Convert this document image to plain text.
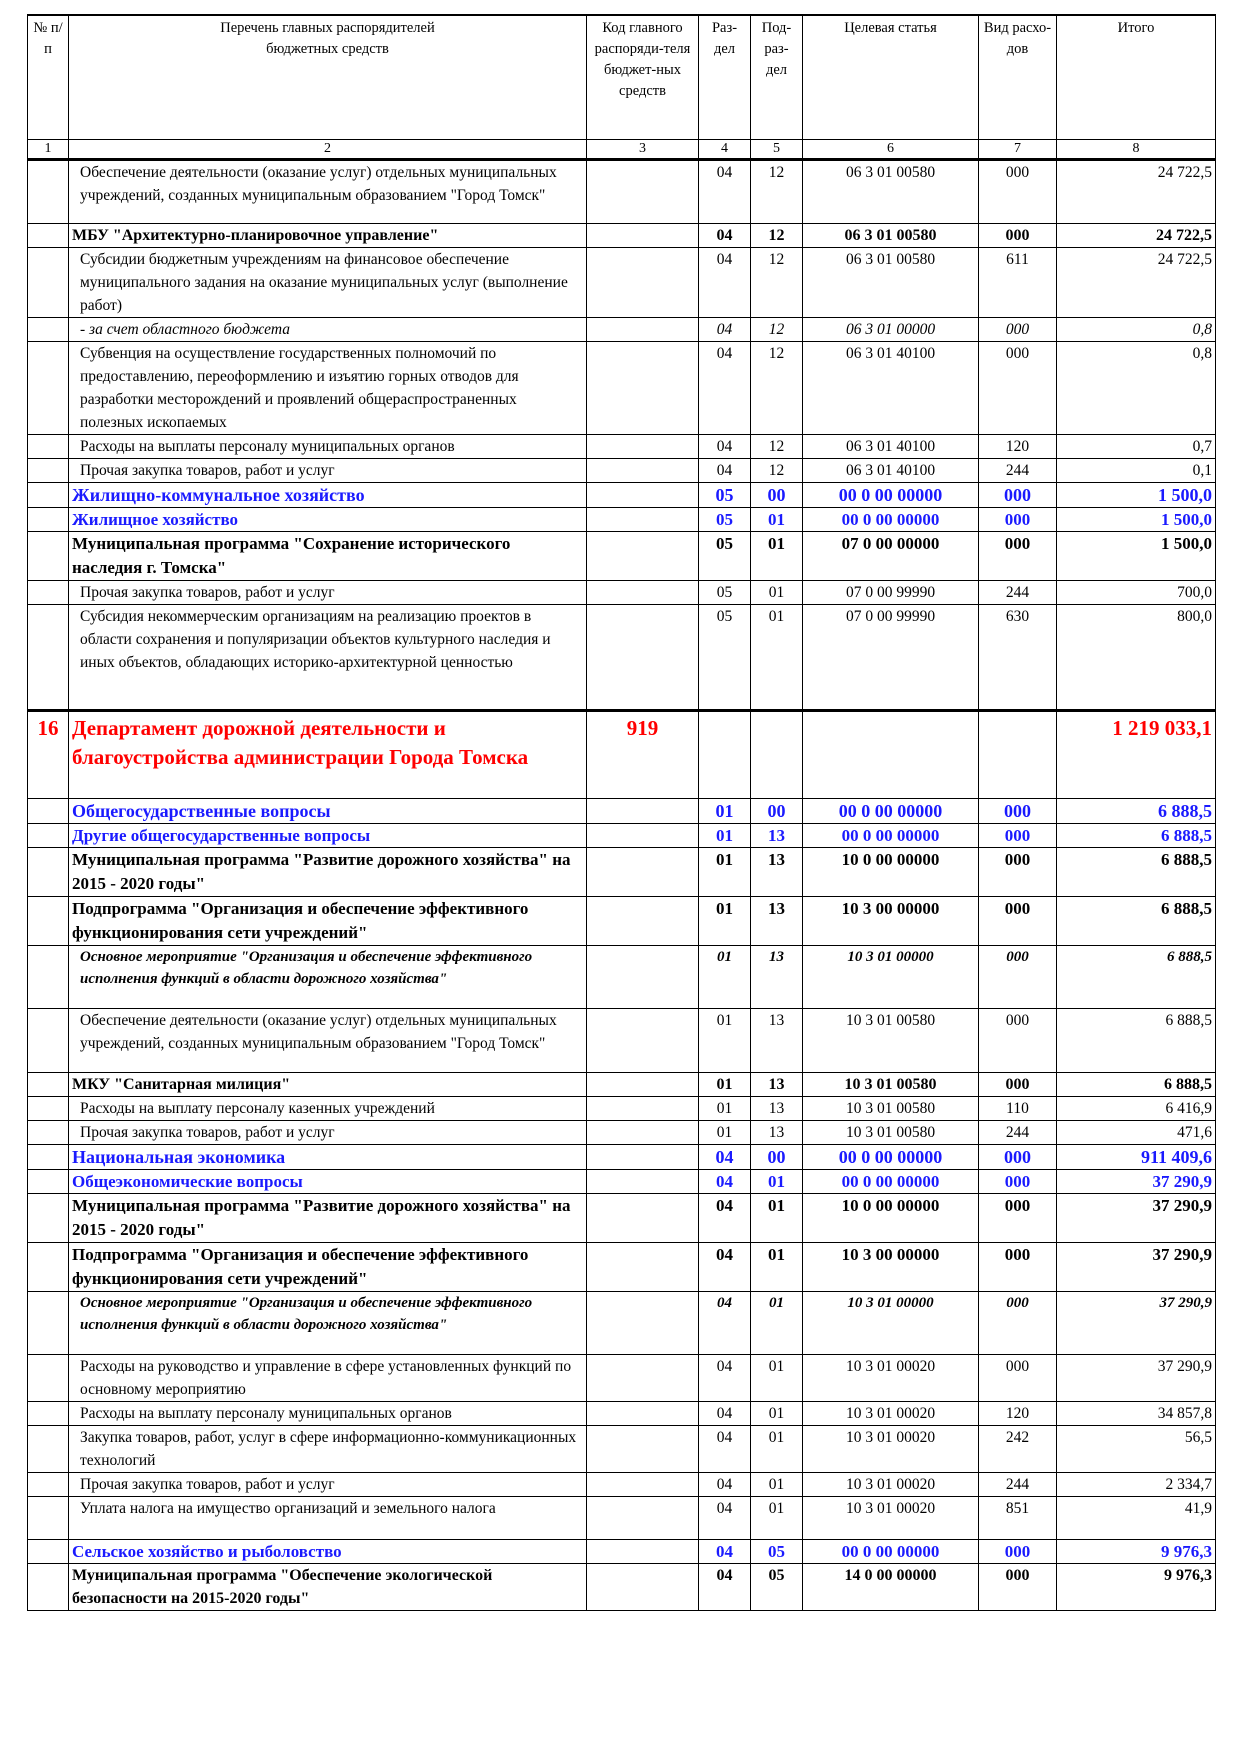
№ п/п	Перечень главных распорядителей бюджетных средств	Код главного распоряди-теля бюджет-ных средств	Раз-дел	Под-раз-дел	Целевая статья	Вид расхо-дов	Итого
1	2	3	4	5	6	7	8

	Обеспечение деятельности (оказание услуг) отдельных муниципальных учреждений, созданных муниципальным образованием "Город Томск"		04	12	06 3 01 00580	000	24 722,5

	МБУ "Архитектурно-планировочное управление"		04	12	06 3 01 00580	000	24 722,5

	Субсидии бюджетным учреждениям на финансовое обеспечение муниципального задания на оказание муниципальных услуг (выполнение работ)		04	12	06 3 01 00580	611	24 722,5

	- за счет областного бюджета		04	12	06 3 01 00000	000	0,8

	Субвенция на осуществление государственных полномочий по предоставлению, переоформлению и изъятию горных отводов для разработки месторождений и проявлений общераспространенных полезных ископаемых		04	12	06 3 01 40100	000	0,8

	Расходы на выплаты персоналу муниципальных органов		04	12	06 3 01 40100	120	0,7

	Прочая закупка товаров, работ и услуг		04	12	06 3 01 40100	244	0,1

	Жилищно-коммунальное хозяйство		05	00	00 0 00 00000	000	1 500,0

	Жилищное хозяйство		05	01	00 0 00 00000	000	1 500,0

	Муниципальная программа "Сохранение исторического наследия г. Томска"		05	01	07 0 00 00000	000	1 500,0

	Прочая закупка товаров, работ и услуг		05	01	07 0 00 99990	244	700,0

	Субсидия некоммерческим организациям на реализацию проектов в области сохранения и популяризации объектов культурного наследия и иных объектов, обладающих историко-архитектурной ценностью		05	01	07 0 00 99990	630	800,0
16	Департамент дорожной деятельности и благоустройства администрации Города Томска	919					1 219 033,1

	Общегосударственные вопросы		01	00	00 0 00 00000	000	6 888,5

	Другие общегосударственные вопросы		01	13	00 0 00 00000	000	6 888,5

	Муниципальная программа "Развитие дорожного хозяйства" на 2015 - 2020 годы"		01	13	10 0 00 00000	000	6 888,5

	Подпрограмма "Организация и обеспечение эффективного функционирования сети учреждений"		01	13	10 3 00 00000	000	6 888,5

	Основное мероприятие "Организация и обеспечение эффективного исполнения функций в области дорожного хозяйства"		01	13	10 3 01 00000	000	6 888,5

	Обеспечение деятельности (оказание услуг) отдельных муниципальных учреждений, созданных муниципальным образованием "Город Томск"		01	13	10 3 01 00580	000	6 888,5

	МКУ "Санитарная милиция"		01	13	10 3 01 00580	000	6 888,5

	Расходы на выплату персоналу казенных учреждений		01	13	10 3 01 00580	110	6 416,9

	Прочая закупка товаров, работ и услуг		01	13	10 3 01 00580	244	471,6

	Национальная экономика		04	00	00 0 00 00000	000	911 409,6

	Общеэкономические вопросы		04	01	00 0 00 00000	000	37 290,9

	Муниципальная программа "Развитие дорожного хозяйства" на 2015 - 2020 годы"		04	01	10 0 00 00000	000	37 290,9

	Подпрограмма "Организация и обеспечение эффективного функционирования сети учреждений"		04	01	10 3 00 00000	000	37 290,9

	Основное мероприятие "Организация и обеспечение эффективного исполнения функций в области дорожного хозяйства"		04	01	10 3 01 00000	000	37 290,9

	Расходы на руководство и управление в сфере установленных функций по основному мероприятию		04	01	10 3 01 00020	000	37 290,9

	Расходы на выплату персоналу муниципальных органов		04	01	10 3 01 00020	120	34 857,8

	Закупка товаров, работ, услуг в сфере информационно-коммуникационных технологий		04	01	10 3 01 00020	242	56,5

	Прочая закупка товаров, работ и услуг		04	01	10 3 01 00020	244	2 334,7

	Уплата налога на имущество организаций и земельного налога		04	01	10 3 01 00020	851	41,9

	Сельское хозяйство и рыболовство		04	05	00 0 00 00000	000	9 976,3

	Муниципальная программа "Обеспечение экологической безопасности на 2015-2020 годы"		04	05	14 0 00 00000	000	9 976,3
